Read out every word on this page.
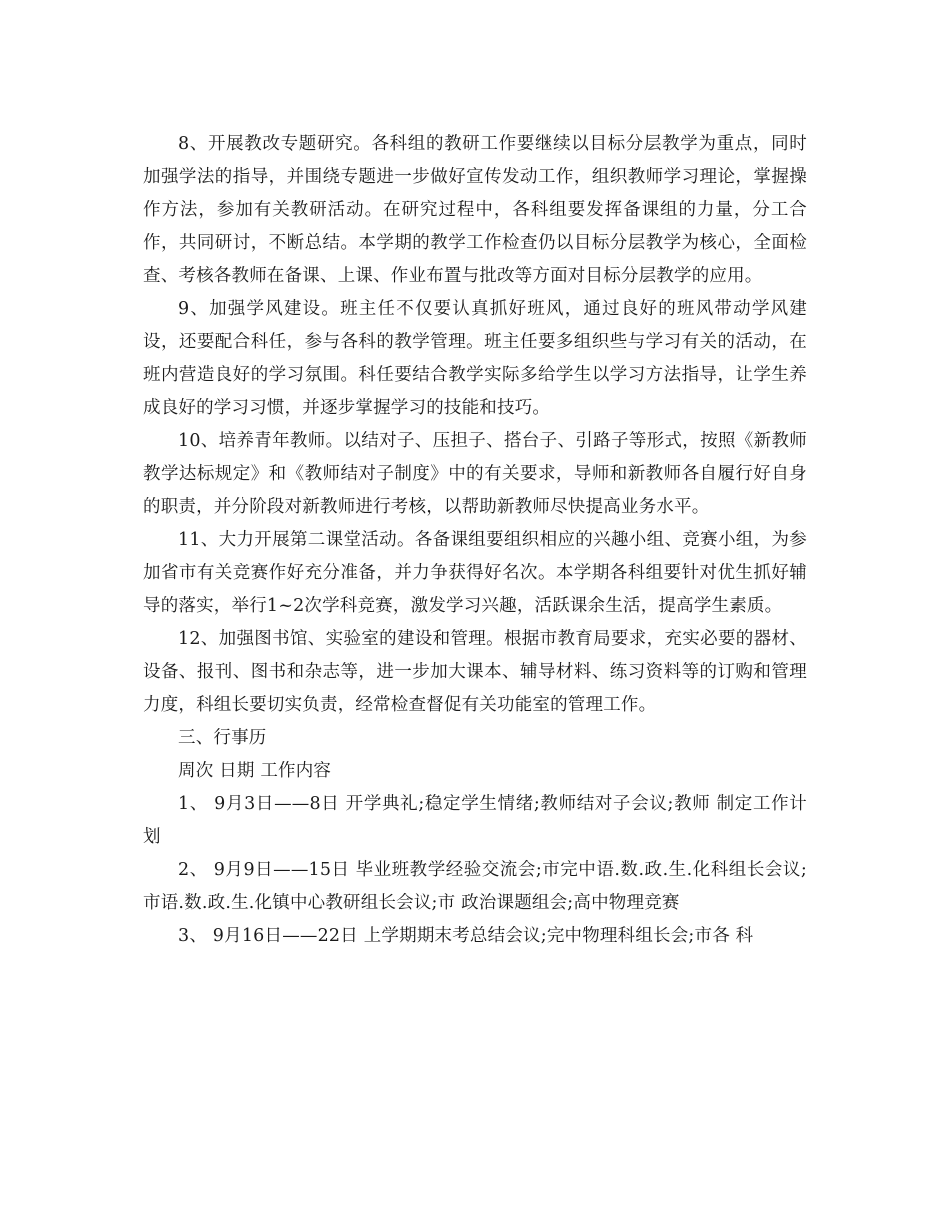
8、开展教改专题研究。各科组的教研工作要继续以目标分层教学为重点，同时加强学法的指导，并围绕专题进一步做好宣传发动工作，组织教师学习理论，掌握操作方法，参加有关教研活动。在研究过程中，各科组要发挥备课组的力量，分工合作，共同研讨，不断总结。本学期的教学工作检查仍以目标分层教学为核心，全面检查、考核各教师在备课、上课、作业布置与批改等方面对目标分层教学的应用。

9、加强学风建设。班主任不仅要认真抓好班风，通过良好的班风带动学风建设，还要配合科任，参与各科的教学管理。班主任要多组织些与学习有关的活动，在班内营造良好的学习氛围。科任要结合教学实际多给学生以学习方法指导，让学生养成良好的学习习惯，并逐步掌握学习的技能和技巧。

10、培养青年教师。以结对子、压担子、搭台子、引路子等形式，按照《新教师教学达标规定》和《教师结对子制度》中的有关要求，导师和新教师各自履行好自身的职责，并分阶段对新教师进行考核，以帮助新教师尽快提高业务水平。

11、大力开展第二课堂活动。各备课组要组织相应的兴趣小组、竞赛小组，为参加省市有关竞赛作好充分准备，并力争获得好名次。本学期各科组要针对优生抓好辅导的落实，举行1~2次学科竞赛，激发学习兴趣，活跃课余生活，提高学生素质。

12、加强图书馆、实验室的建设和管理。根据市教育局要求，充实必要的器材、设备、报刊、图书和杂志等，进一步加大课本、辅导材料、练习资料等的订购和管理力度，科组长要切实负责，经常检查督促有关功能室的管理工作。

三、行事历

周次 日期 工作内容

1、 9月3日——8日 开学典礼;稳定学生情绪;教师结对子会议;教师 制定工作计划

2、 9月9日——15日 毕业班教学经验交流会;市完中语.数.政.生.化科组长会议;市语.数.政.生.化镇中心教研组长会议;市 政治课题组会;高中物理竞赛

3、 9月16日——22日 上学期期末考总结会议;完中物理科组长会;市各 科
